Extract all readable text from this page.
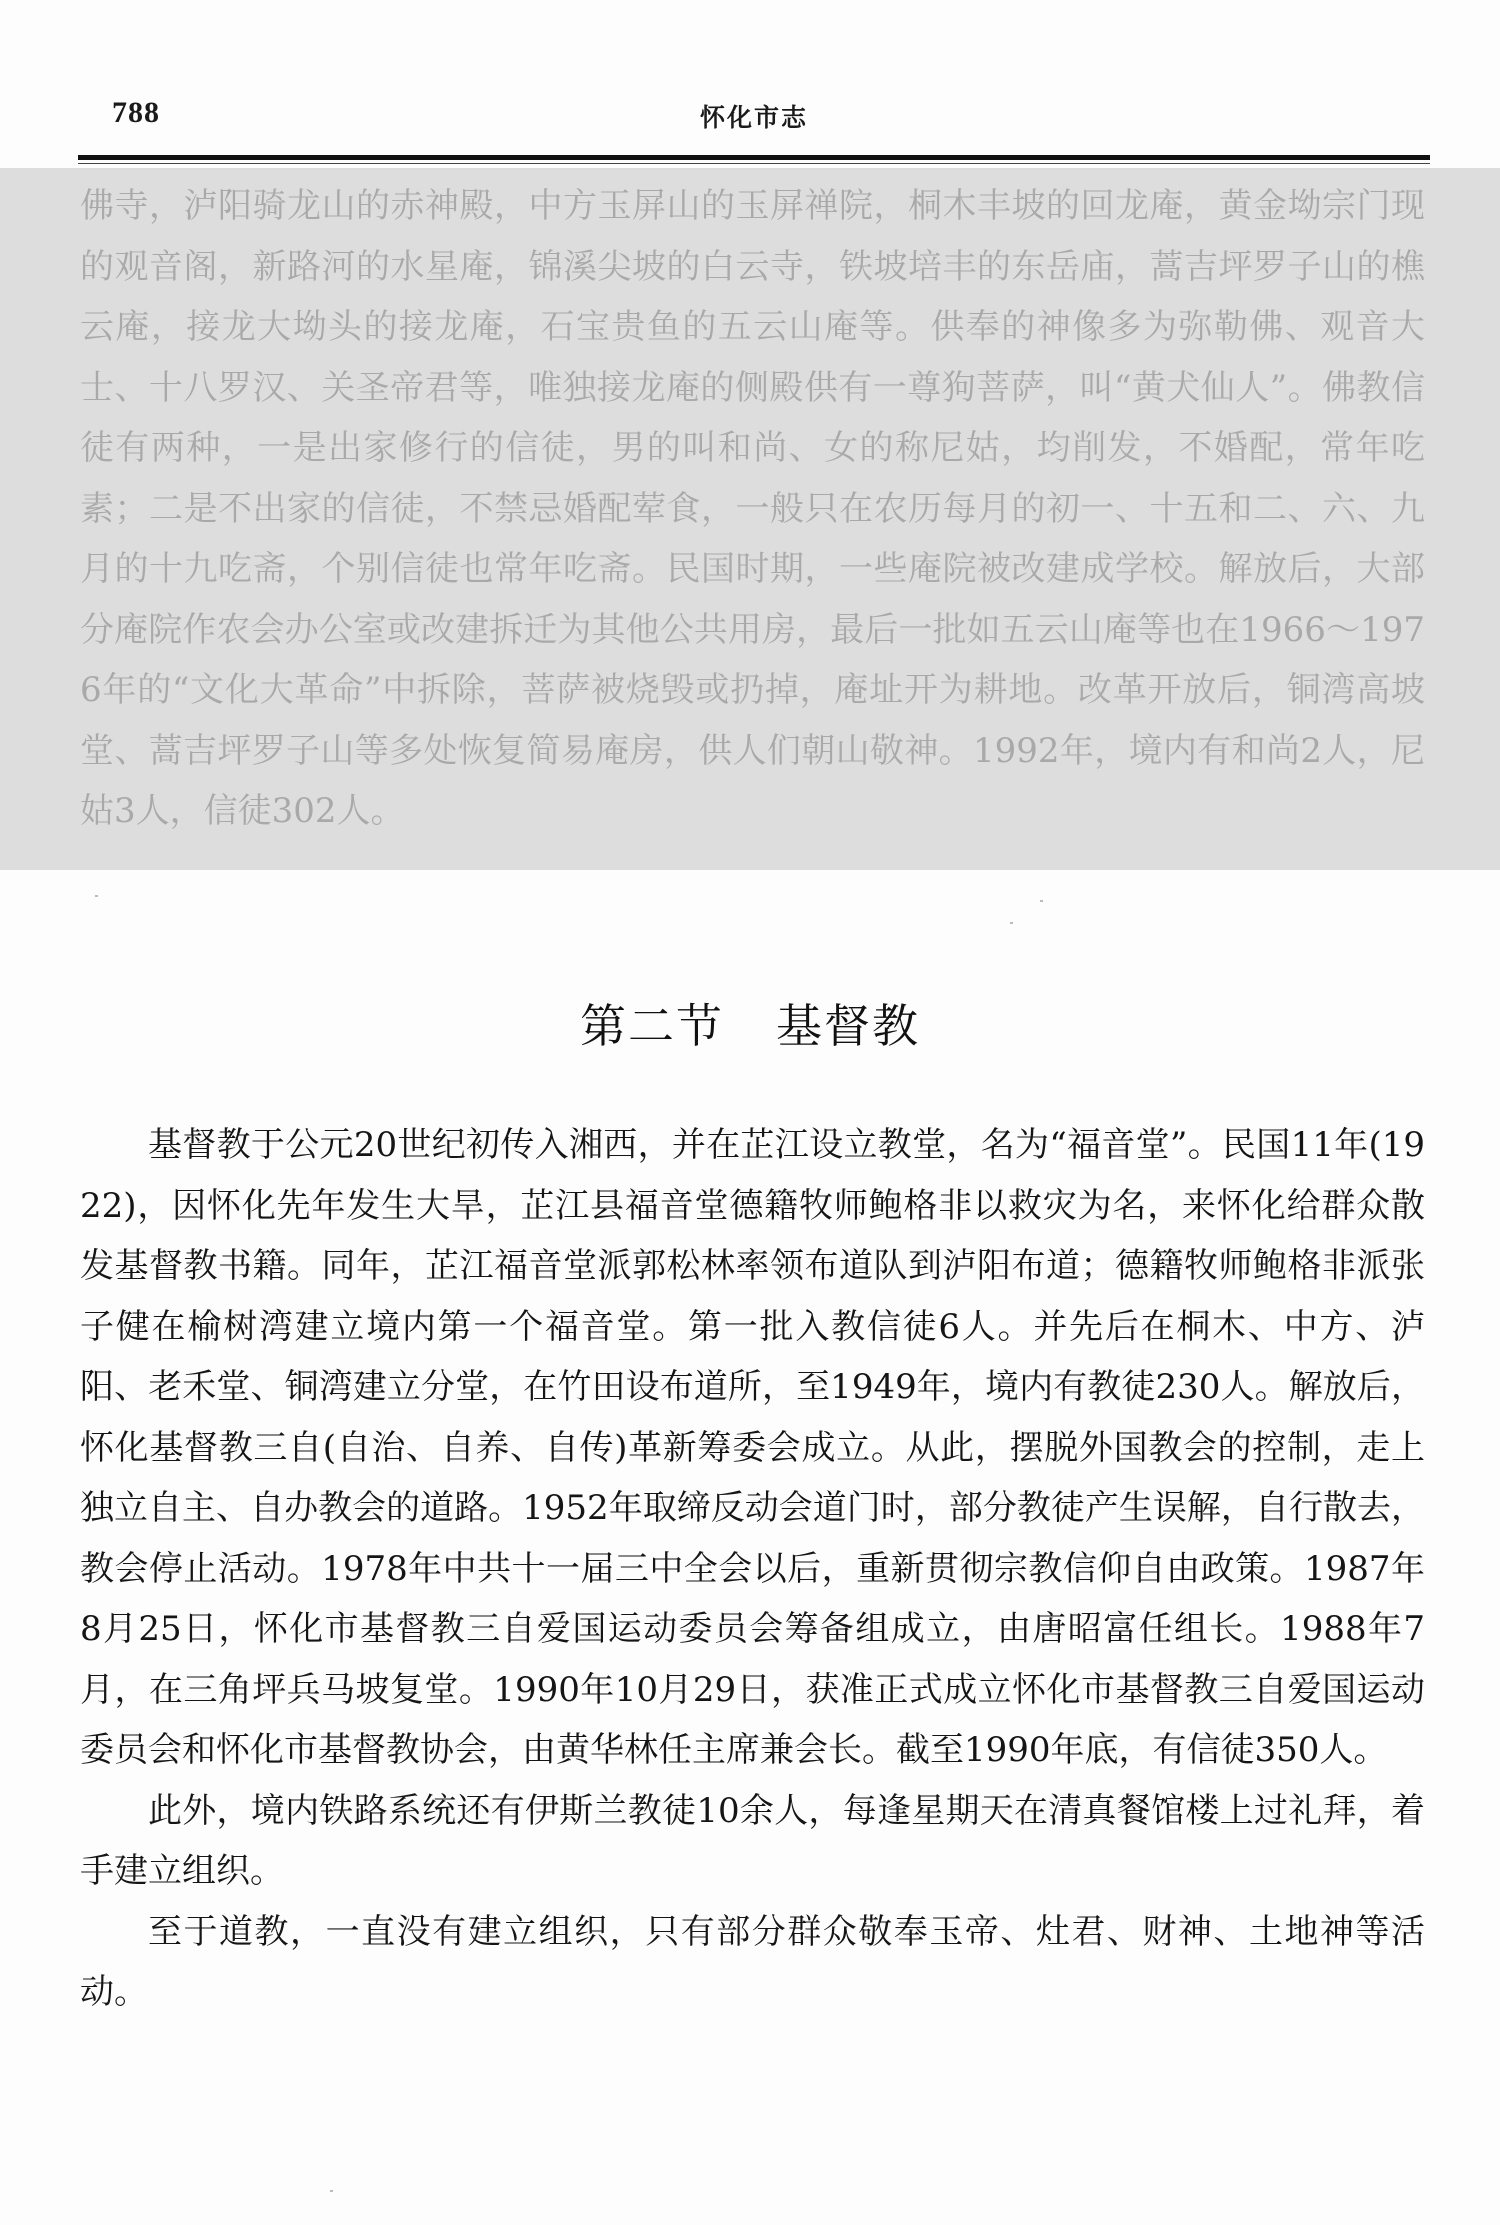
788	怀化市志
佛寺，泸阳骑龙山的赤神殿，中方玉屏山的玉屏禅院，桐木丰坡的回龙庵，黄金坳宗门现的观音阁，新路河的水星庵，锦溪尖坡的白云寺，铁坡培丰的东岳庙，蒿吉坪罗子山的樵云庵，接龙大坳头的接龙庵，石宝贵鱼的五云山庵等。供奉的神像多为弥勒佛、观音大士、十八罗汉、关圣帝君等，唯独接龙庵的侧殿供有一尊狗菩萨，叫“黄犬仙人”。佛教信徒有两种，一是出家修行的信徒，男的叫和尚、女的称尼姑，均削发，不婚配，常年吃素；二是不出家的信徒，不禁忌婚配荤食，一般只在农历每月的初一、十五和二、六、九月的十九吃斋，个别信徒也常年吃斋。民国时期，一些庵院被改建成学校。解放后，大部分庵院作农会办公室或改建拆迁为其他公共用房，最后一批如五云山庵等也在1966～1976年的“文化大革命”中拆除，菩萨被烧毁或扔掉，庵址开为耕地。改革开放后，铜湾高坡堂、蒿吉坪罗子山等多处恢复简易庵房，供人们朝山敬神。1992年，境内有和尚2人，尼姑3人，信徒302人。
第二节 基督教

基督教于公元20世纪初传入湘西，并在芷江设立教堂，名为“福音堂”。民国11年(1922)，因怀化先年发生大旱，芷江县福音堂德籍牧师鲍格非以救灾为名，来怀化给群众散发基督教书籍。同年，芷江福音堂派郭松林率领布道队到泸阳布道；德籍牧师鲍格非派张子健在榆树湾建立境内第一个福音堂。第一批入教信徒6人。并先后在桐木、中方、泸阳、老禾堂、铜湾建立分堂，在竹田设布道所，至1949年，境内有教徒230人。解放后，怀化基督教三自(自治、自养、自传)革新筹委会成立。从此，摆脱外国教会的控制，走上独立自主、自办教会的道路。1952年取缔反动会道门时，部分教徒产生误解，自行散去，教会停止活动。1978年中共十一届三中全会以后，重新贯彻宗教信仰自由政策。1987年8月25日，怀化市基督教三自爱国运动委员会筹备组成立，由唐昭富任组长。1988年7月，在三角坪兵马坡复堂。1990年10月29日，获准正式成立怀化市基督教三自爱国运动委员会和怀化市基督教协会，由黄华林任主席兼会长。截至1990年底，有信徒350人。

此外，境内铁路系统还有伊斯兰教徒10余人，每逢星期天在清真餐馆楼上过礼拜，着手建立组织。

至于道教，一直没有建立组织，只有部分群众敬奉玉帝、灶君、财神、土地神等活动。
